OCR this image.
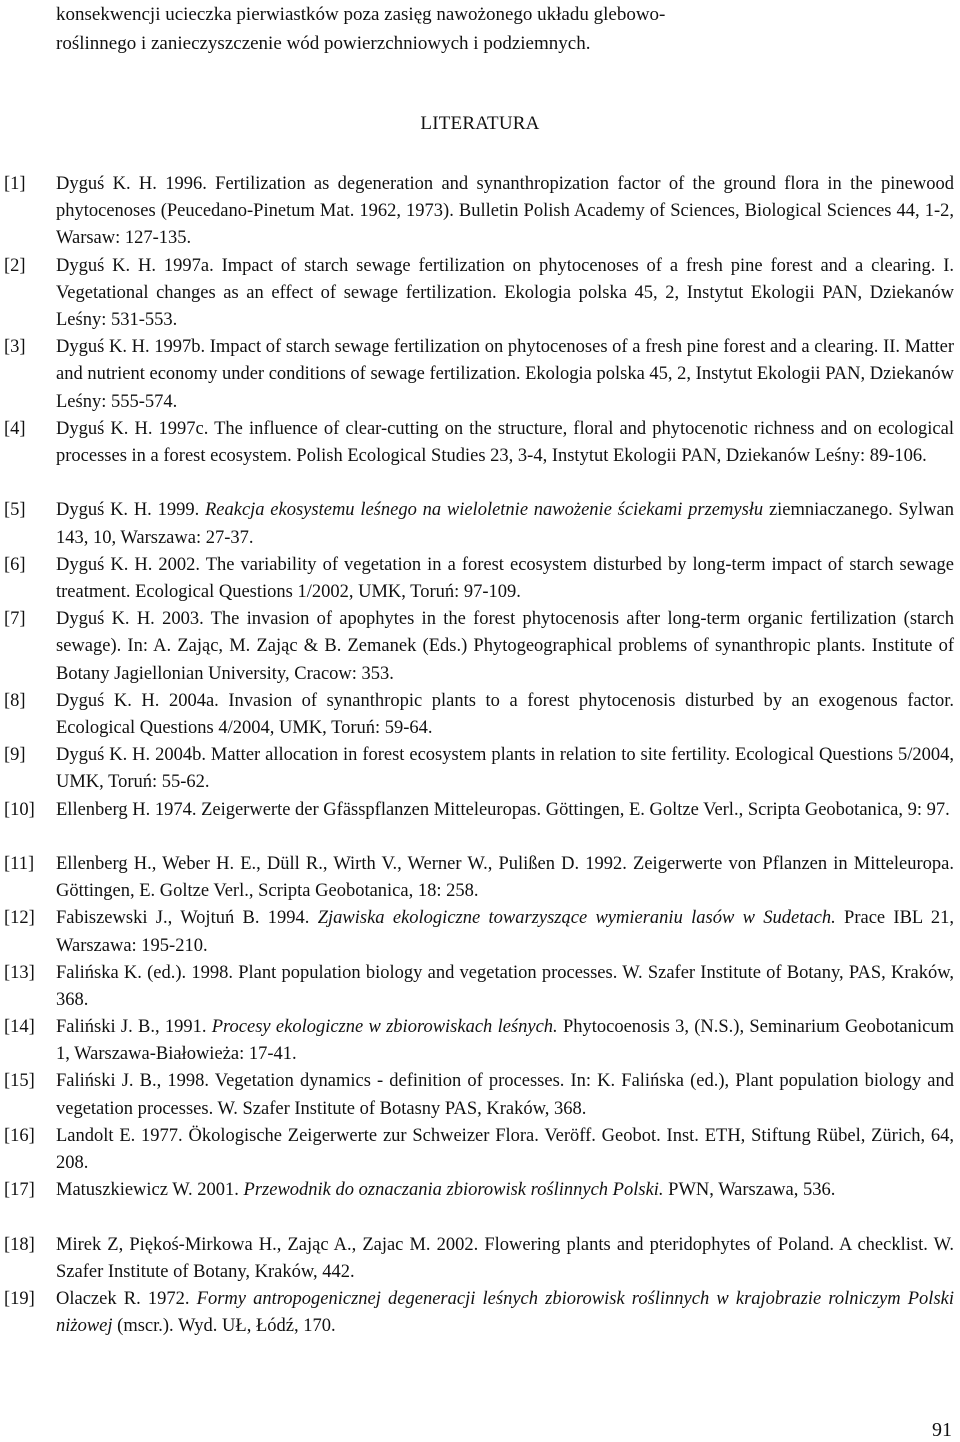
konsekwencji ucieczka pierwiastków poza zasięg nawożonego układu glebowo-
roślinnego i zanieczyszczenie wód powierzchniowych i podziemnych.
LITERATURA
[1] Dyguś K. H. 1996. Fertilization as degeneration and synanthropization factor of the ground flora in the pinewood phytocenoses (Peucedano-Pinetum Mat. 1962, 1973). Bulletin Polish Academy of Sciences, Biological Sciences 44, 1-2, Warsaw: 127-135.
[2] Dyguś K. H. 1997a. Impact of starch sewage fertilization on phytocenoses of a fresh pine forest and a clearing. I. Vegetational changes as an effect of sewage fertilization. Ekologia polska 45, 2, Instytut Ekologii PAN, Dziekanów Leśny: 531-553.
[3] Dyguś K. H. 1997b. Impact of starch sewage fertilization on phytocenoses of a fresh pine forest and a clearing. II. Matter and nutrient economy under conditions of sewage fertilization. Ekologia polska 45, 2, Instytut Ekologii PAN, Dziekanów Leśny: 555-574.
[4] Dyguś K. H. 1997c. The influence of clear-cutting on the structure, floral and phytocenotic richness and on ecological processes in a forest ecosystem. Polish Ecological Studies 23, 3-4, Instytut Ekologii PAN, Dziekanów Leśny: 89-106.
[5] Dyguś K. H. 1999. Reakcja ekosystemu leśnego na wieloletnie nawożenie ściekami przemysłu ziemniaczanego. Sylwan 143, 10, Warszawa: 27-37.
[6] Dyguś K. H. 2002. The variability of vegetation in a forest ecosystem disturbed by long-term impact of starch sewage treatment. Ecological Questions 1/2002, UMK, Toruń: 97-109.
[7] Dyguś K. H. 2003. The invasion of apophytes in the forest phytocenosis after long-term organic fertilization (starch sewage). In: A. Zając, M. Zając & B. Zemanek (Eds.) Phytogeographical problems of synanthropic plants. Institute of Botany Jagiellonian University, Cracow: 353.
[8] Dyguś K. H. 2004a. Invasion of synanthropic plants to a forest phytocenosis disturbed by an exogenous factor. Ecological Questions 4/2004, UMK, Toruń: 59-64.
[9] Dyguś K. H. 2004b. Matter allocation in forest ecosystem plants in relation to site fertility. Ecological Questions 5/2004, UMK, Toruń: 55-62.
[10] Ellenberg H. 1974. Zeigerwerte der Gfässpflanzen Mitteleuropas. Göttingen, E. Goltze Verl., Scripta Geobotanica, 9: 97.
[11] Ellenberg H., Weber H. E., Düll R., Wirth V., Werner W., Pulißen D. 1992. Zeigerwerte von Pflanzen in Mitteleuropa. Göttingen, E. Goltze Verl., Scripta Geobotanica, 18: 258.
[12] Fabiszewski J., Wojtuń B. 1994. Zjawiska ekologiczne towarzyszące wymieraniu lasów w Sudetach. Prace IBL 21, Warszawa: 195-210.
[13] Falińska K. (ed.). 1998. Plant population biology and vegetation processes. W. Szafer Institute of Botany, PAS, Kraków, 368.
[14] Faliński J. B., 1991. Procesy ekologiczne w zbiorowiskach leśnych. Phytocoenosis 3, (N.S.), Seminarium Geobotanicum 1, Warszawa-Białowieża: 17-41.
[15] Faliński J. B., 1998. Vegetation dynamics - definition of processes. In: K. Falińska (ed.), Plant population biology and vegetation processes. W. Szafer Institute of Botasny PAS, Kraków, 368.
[16] Landolt E. 1977. Ökologische Zeigerwerte zur Schweizer Flora. Veröff. Geobot. Inst. ETH, Stiftung Rübel, Zürich, 64, 208.
[17] Matuszkiewicz W. 2001. Przewodnik do oznaczania zbiorowisk roślinnych Polski. PWN, Warszawa, 536.
[18] Mirek Z, Piękoś-Mirkowa H., Zając A., Zajac M. 2002. Flowering plants and pteridophytes of Poland. A checklist. W. Szafer Institute of Botany, Kraków, 442.
[19] Olaczek R. 1972. Formy antropogenicznej degeneracji leśnych zbiorowisk roślinnych w krajobrazie rolniczym Polski niżowej (mscr.). Wyd. UŁ, Łódź, 170.
91
